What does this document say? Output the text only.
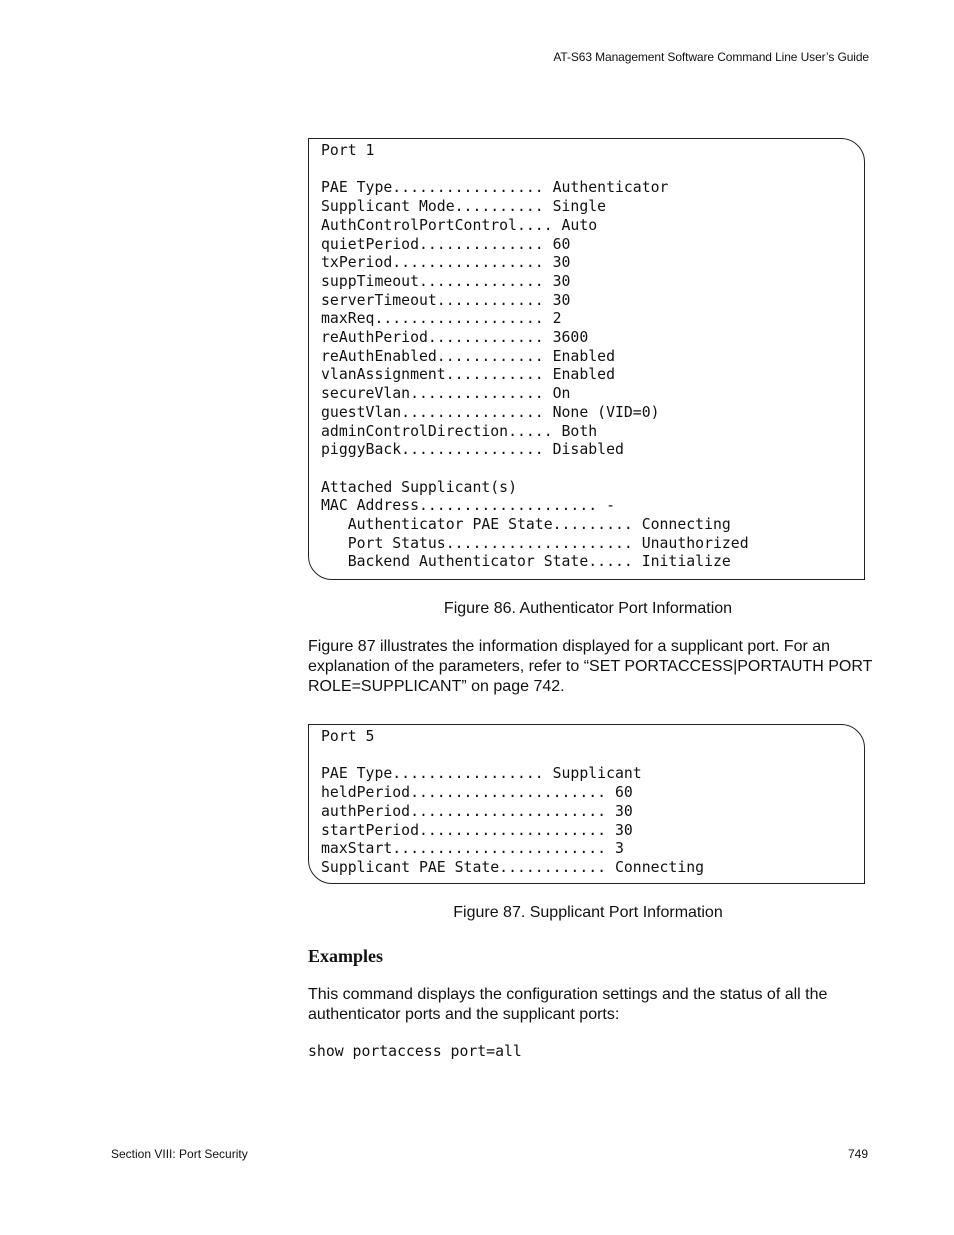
AT-S63 Management Software Command Line User’s Guide
Port 1

PAE Type................. Authenticator
Supplicant Mode.......... Single
AuthControlPortControl.... Auto
quietPeriod.............. 60
txPeriod................. 30
suppTimeout.............. 30
serverTimeout............ 30
maxReq................... 2
reAuthPeriod............. 3600
reAuthEnabled............ Enabled
vlanAssignment........... Enabled
secureVlan............... On
guestVlan................ None (VID=0)
adminControlDirection..... Both
piggyBack................ Disabled

Attached Supplicant(s)
MAC Address.................... -
Authenticator PAE State......... Connecting
Port Status..................... Unauthorized
Backend Authenticator State..... Initialize
Figure 86. Authenticator Port Information

Figure 87 illustrates the information displayed for a supplicant port. For an explanation of the parameters, refer to “SET PORTACCESS|PORTAUTH PORT ROLE=SUPPLICANT” on page 742.

Port 5

PAE Type................. Supplicant
heldPeriod...................... 60
authPeriod...................... 30
startPeriod..................... 30
maxStart........................ 3
Supplicant PAE State............ Connecting
Figure 87. Supplicant Port Information
Examples

This command displays the configuration settings and the status of all the authenticator ports and the supplicant ports:

show portaccess port=all
Section VIII: Port Security	749
